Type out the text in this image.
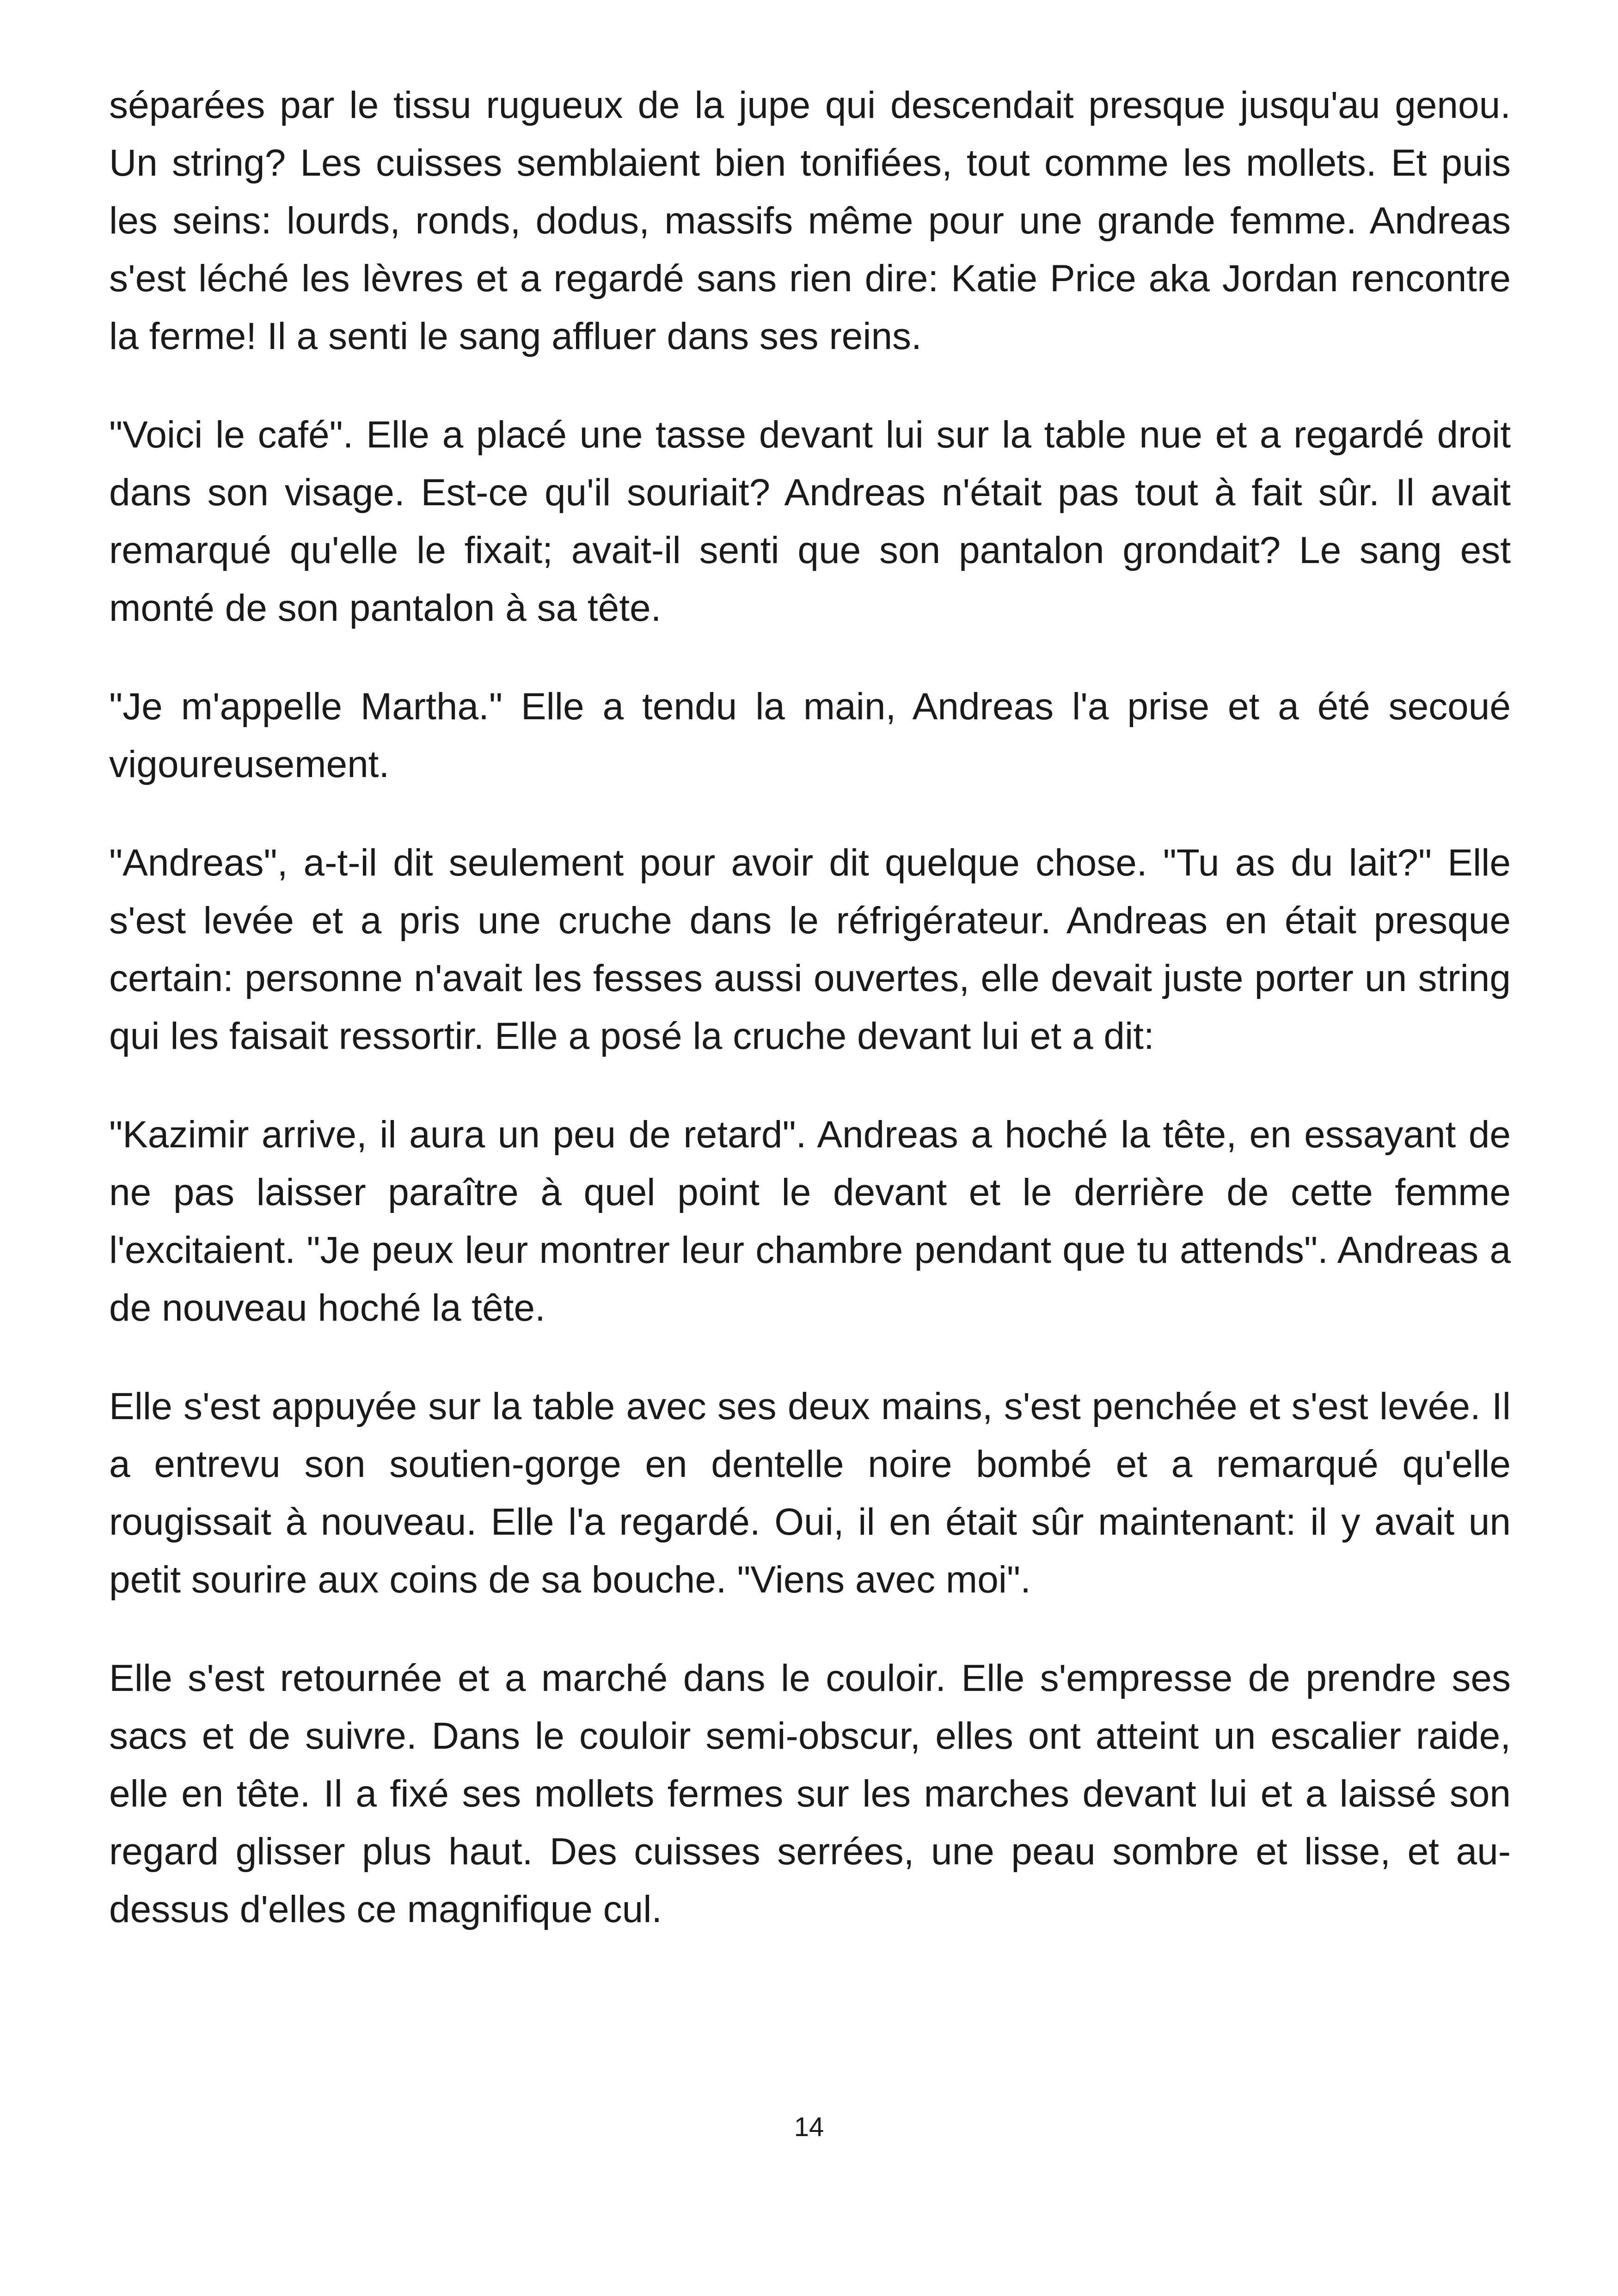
séparées par le tissu rugueux de la jupe qui descendait presque jusqu'au genou. Un string? Les cuisses semblaient bien tonifiées, tout comme les mollets. Et puis les seins: lourds, ronds, dodus, massifs même pour une grande femme. Andreas s'est léché les lèvres et a regardé sans rien dire: Katie Price aka Jordan rencontre la ferme! Il a senti le sang affluer dans ses reins.

"Voici le café". Elle a placé une tasse devant lui sur la table nue et a regardé droit dans son visage. Est-ce qu'il souriait? Andreas n'était pas tout à fait sûr. Il avait remarqué qu'elle le fixait; avait-il senti que son pantalon grondait? Le sang est monté de son pantalon à sa tête.

"Je m'appelle Martha." Elle a tendu la main, Andreas l'a prise et a été secoué vigoureusement.

"Andreas", a-t-il dit seulement pour avoir dit quelque chose. "Tu as du lait?" Elle s'est levée et a pris une cruche dans le réfrigérateur. Andreas en était presque certain: personne n'avait les fesses aussi ouvertes, elle devait juste porter un string qui les faisait ressortir. Elle a posé la cruche devant lui et a dit:

"Kazimir arrive, il aura un peu de retard". Andreas a hoché la tête, en essayant de ne pas laisser paraître à quel point le devant et le derrière de cette femme l'excitaient. "Je peux leur montrer leur chambre pendant que tu attends". Andreas a de nouveau hoché la tête.

Elle s'est appuyée sur la table avec ses deux mains, s'est penchée et s'est levée. Il a entrevu son soutien-gorge en dentelle noire bombé et a remarqué qu'elle rougissait à nouveau. Elle l'a regardé. Oui, il en était sûr maintenant: il y avait un petit sourire aux coins de sa bouche. "Viens avec moi".

Elle s'est retournée et a marché dans le couloir. Elle s'empresse de prendre ses sacs et de suivre. Dans le couloir semi-obscur, elles ont atteint un escalier raide, elle en tête. Il a fixé ses mollets fermes sur les marches devant lui et a laissé son regard glisser plus haut. Des cuisses serrées, une peau sombre et lisse, et au-dessus d'elles ce magnifique cul.

14
